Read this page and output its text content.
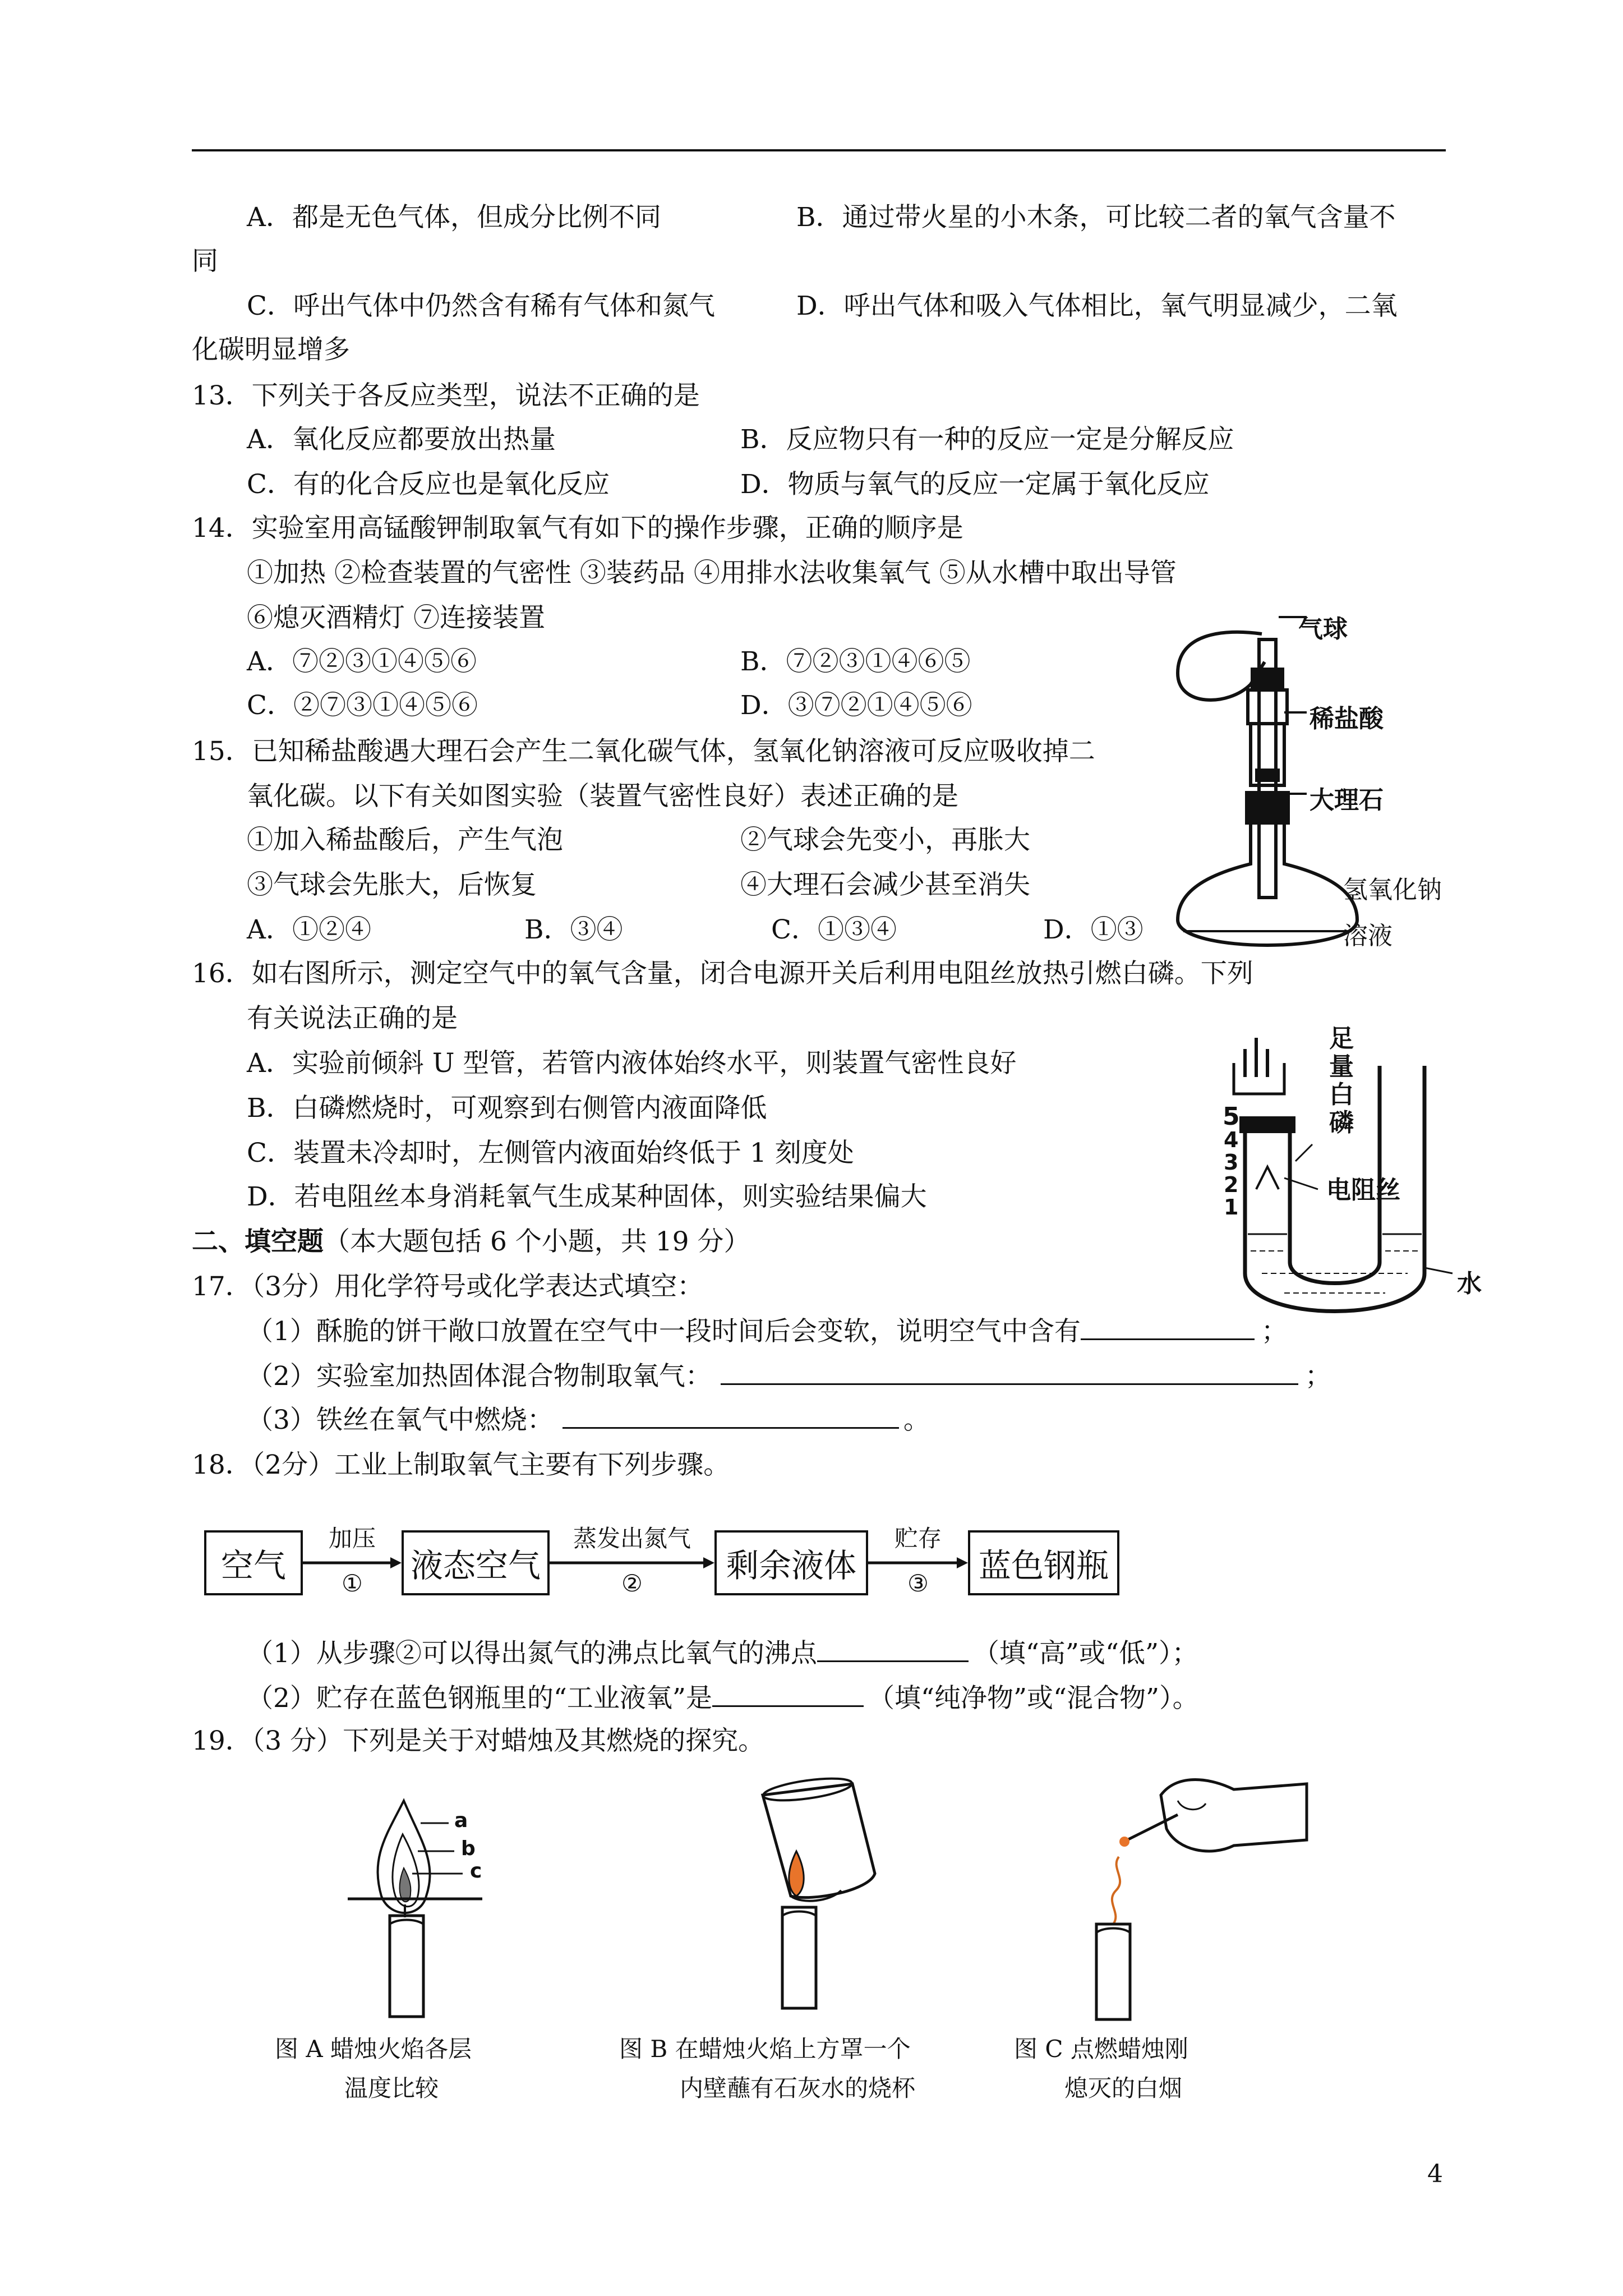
A．都是无色气体，但成分比例不同	B．通过带火星的小木条，可比较二者的氧气含量不
同
C．呼出气体中仍然含有稀有气体和氮气	D．呼出气体和吸入气体相比，氧气明显减少，二氧
化碳明显增多
13．下列关于各反应类型，说法不正确的是
A．氧化反应都要放出热量	B．反应物只有一种的反应一定是分解反应
C．有的化合反应也是氧化反应	D．物质与氧气的反应一定属于氧化反应
14．实验室用高锰酸钾制取氧气有如下的操作步骤，正确的顺序是
①加热 ②检查装置的气密性 ③装药品 ④用排水法收集氧气 ⑤从水槽中取出导管
⑥熄灭酒精灯 ⑦连接装置
A．⑦②③①④⑤⑥	B．⑦②③①④⑥⑤
C．②⑦③①④⑤⑥	D．③⑦②①④⑤⑥
15．已知稀盐酸遇大理石会产生二氧化碳气体，氢氧化钠溶液可反应吸收掉二
氧化碳。以下有关如图实验（装置气密性良好）表述正确的是
①加入稀盐酸后，产生气泡	②气球会先变小，再胀大
③气球会先胀大，后恢复	④大理石会减少甚至消失
A．①②④	B．③④	C．①③④	D．①③
气球
稀盐酸
大理石
氢氧化钠
溶液
16．如右图所示，测定空气中的氧气含量，闭合电源开关后利用电阻丝放热引燃白磷。下列
有关说法正确的是
A．实验前倾斜 U 型管，若管内液体始终水平，则装置气密性良好
B．白磷燃烧时，可观察到右侧管内液面降低
C．装置未冷却时，左侧管内液面始终低于 1 刻度处
D．若电阻丝本身消耗氧气生成某种固体，则实验结果偏大
足
量
白
磷
电阻丝
水
5
4
3
2
1
二、填空题（本大题包括 6 个小题，共 19 分）
17．（3分）用化学符号或化学表达式填空：
（1）酥脆的饼干敞口放置在空气中一段时间后会变软，说明空气中含有	；
（2）实验室加热固体混合物制取氧气：	；
（3）铁丝在氧气中燃烧：	。
18．（2分）工业上制取氧气主要有下列步骤。
空气	液态空气	剩余液体	蓝色钢瓶
加压
①
蒸发出氮气
②
贮存
③
（1）从步骤②可以得出氮气的沸点比氧气的沸点	（填“高”或“低”）；
（2）贮存在蓝色钢瓶里的“工业液氧”是	（填“纯净物”或“混合物”）。
19．（3 分）下列是关于对蜡烛及其燃烧的探究。
a
b
c
图 A 蜡烛火焰各层
温度比较
图 B 在蜡烛火焰上方罩一个
内壁蘸有石灰水的烧杯
图 C 点燃蜡烛刚
熄灭的白烟
4
